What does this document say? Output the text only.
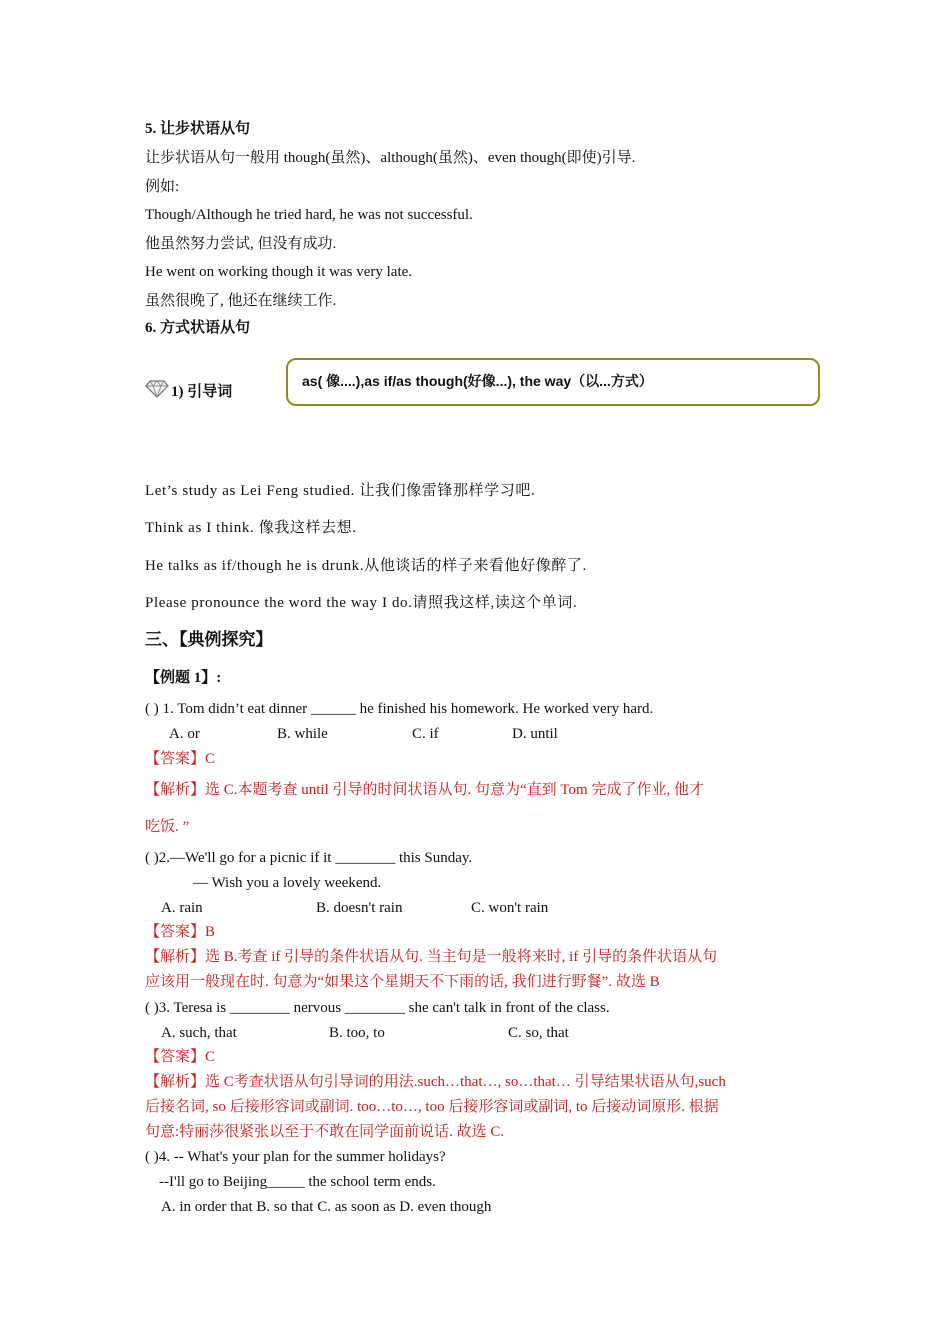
5. 让步状语从句
让步状语从句一般用 though(虽然)、although(虽然)、even though(即使)引导.
例如:
Though/Although he tried hard, he was not successful.
他虽然努力尝试, 但没有成功.
He went on working though it was very late.
虽然很晚了, 他还在继续工作.
6. 方式状语从句
1) 引导词
as( 像....),as if/as though(好像...), the way（以...方式）
Let’s study as Lei Feng studied. 让我们像雷锋那样学习吧.
Think as I think. 像我这样去想.
He talks as if/though he is drunk.从他谈话的样子来看他好像醉了.
Please pronounce the word the way I do.请照我这样,读这个单词.
三、【典例探究】
【例题 1】:
( ) 1. Tom didn’t eat dinner ______ he finished his homework. He worked very hard.
A. or	B. while	C. if	D. until
【答案】C
【解析】选 C.本题考查 until 引导的时间状语从句. 句意为“直到 Tom 完成了作业, 他才
吃饭. ”
( )2.—We'll go for a picnic if it ________ this Sunday.
— Wish you a lovely weekend.
A. rain	B. doesn't rain	C. won't rain
【答案】B
【解析】选 B.考查 if 引导的条件状语从句. 当主句是一般将来时, if 引导的条件状语从句
应该用一般现在时. 句意为“如果这个星期天不下雨的话, 我们进行野餐”. 故选 B
( )3. Teresa is ________ nervous ________ she can't talk in front of the class.
A. such, that	B. too, to	C. so, that
【答案】C
【解析】选 C考查状语从句引导词的用法.such…that…, so…that… 引导结果状语从句,such
后接名词, so 后接形容词或副词. too…to…, too 后接形容词或副词, to 后接动词原形. 根据
句意:特丽莎很紧张以至于不敢在同学面前说话. 故选 C.
( )4. -- What's your plan for the summer holidays?
--I'll go to Beijing_____ the school term ends.
A. in order that B. so that C. as soon as D. even though
